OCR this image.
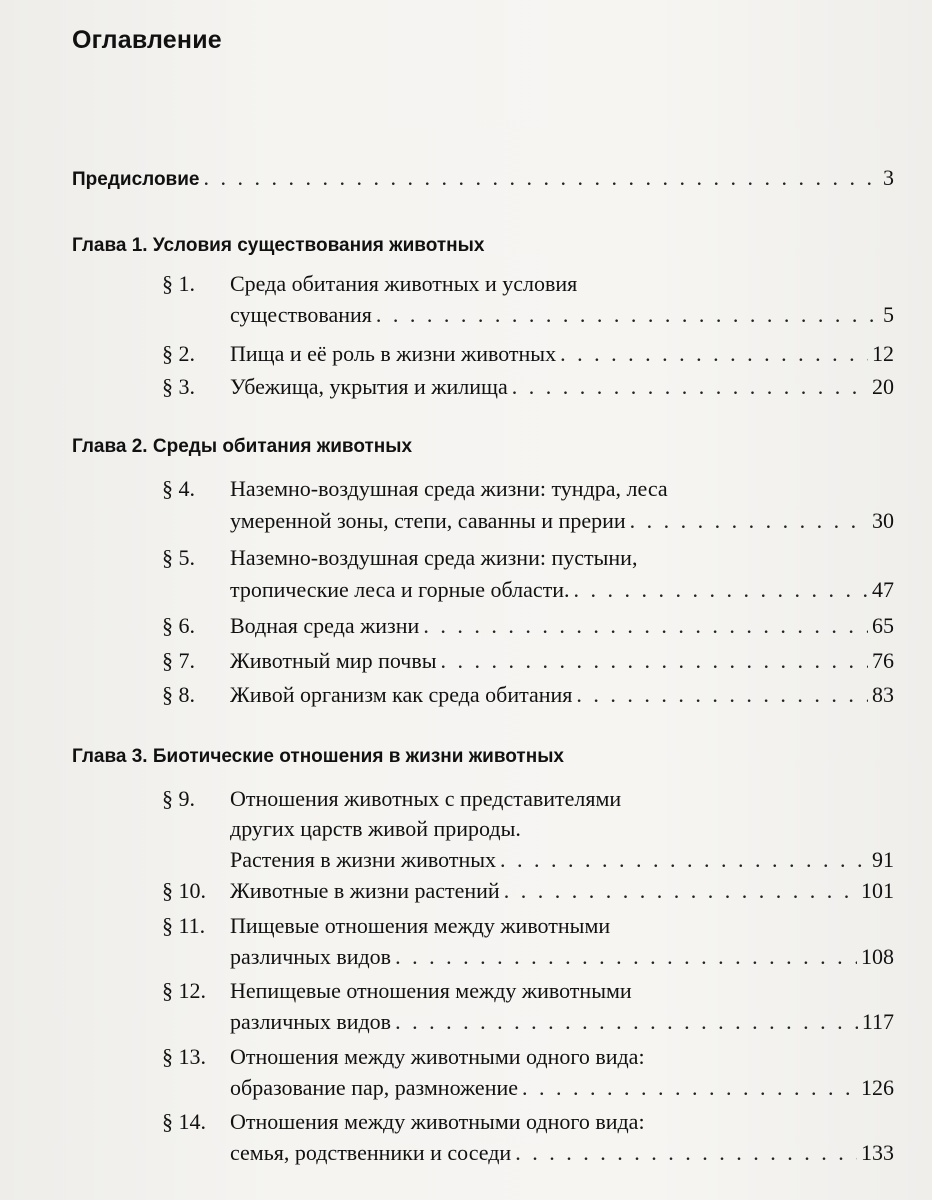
Оглавление
Предисловие . . .	3
Глава 1. Условия существования животных
§ 1. Среда обитания животных и условия
существования . . .	5
§ 2. Пища и её роль в жизни животных . . .	12
§ 3. Убежища, укрытия и жилища . . .	20
Глава 2. Среды обитания животных
§ 4. Наземно-воздушная среда жизни: тундра, леса
умеренной зоны, степи, саванны и прерии . . .	30
§ 5. Наземно-воздушная среда жизни: пустыни,
тропические леса и горные области. . . .	47
§ 6. Водная среда жизни . . .	65
§ 7. Животный мир почвы . . .	76
§ 8. Живой организм как среда обитания . . .	83
Глава 3. Биотические отношения в жизни животных
§ 9. Отношения животных с представителями
других царств живой природы.
Растения в жизни животных . . .	91
§ 10. Животные в жизни растений . . .	101
§ 11. Пищевые отношения между животными
различных видов . . .	108
§ 12. Непищевые отношения между животными
различных видов . . .	117
§ 13. Отношения между животными одного вида:
образование пар, размножение . . .	126
§ 14. Отношения между животными одного вида:
семья, родственники и соседи . . .	133
